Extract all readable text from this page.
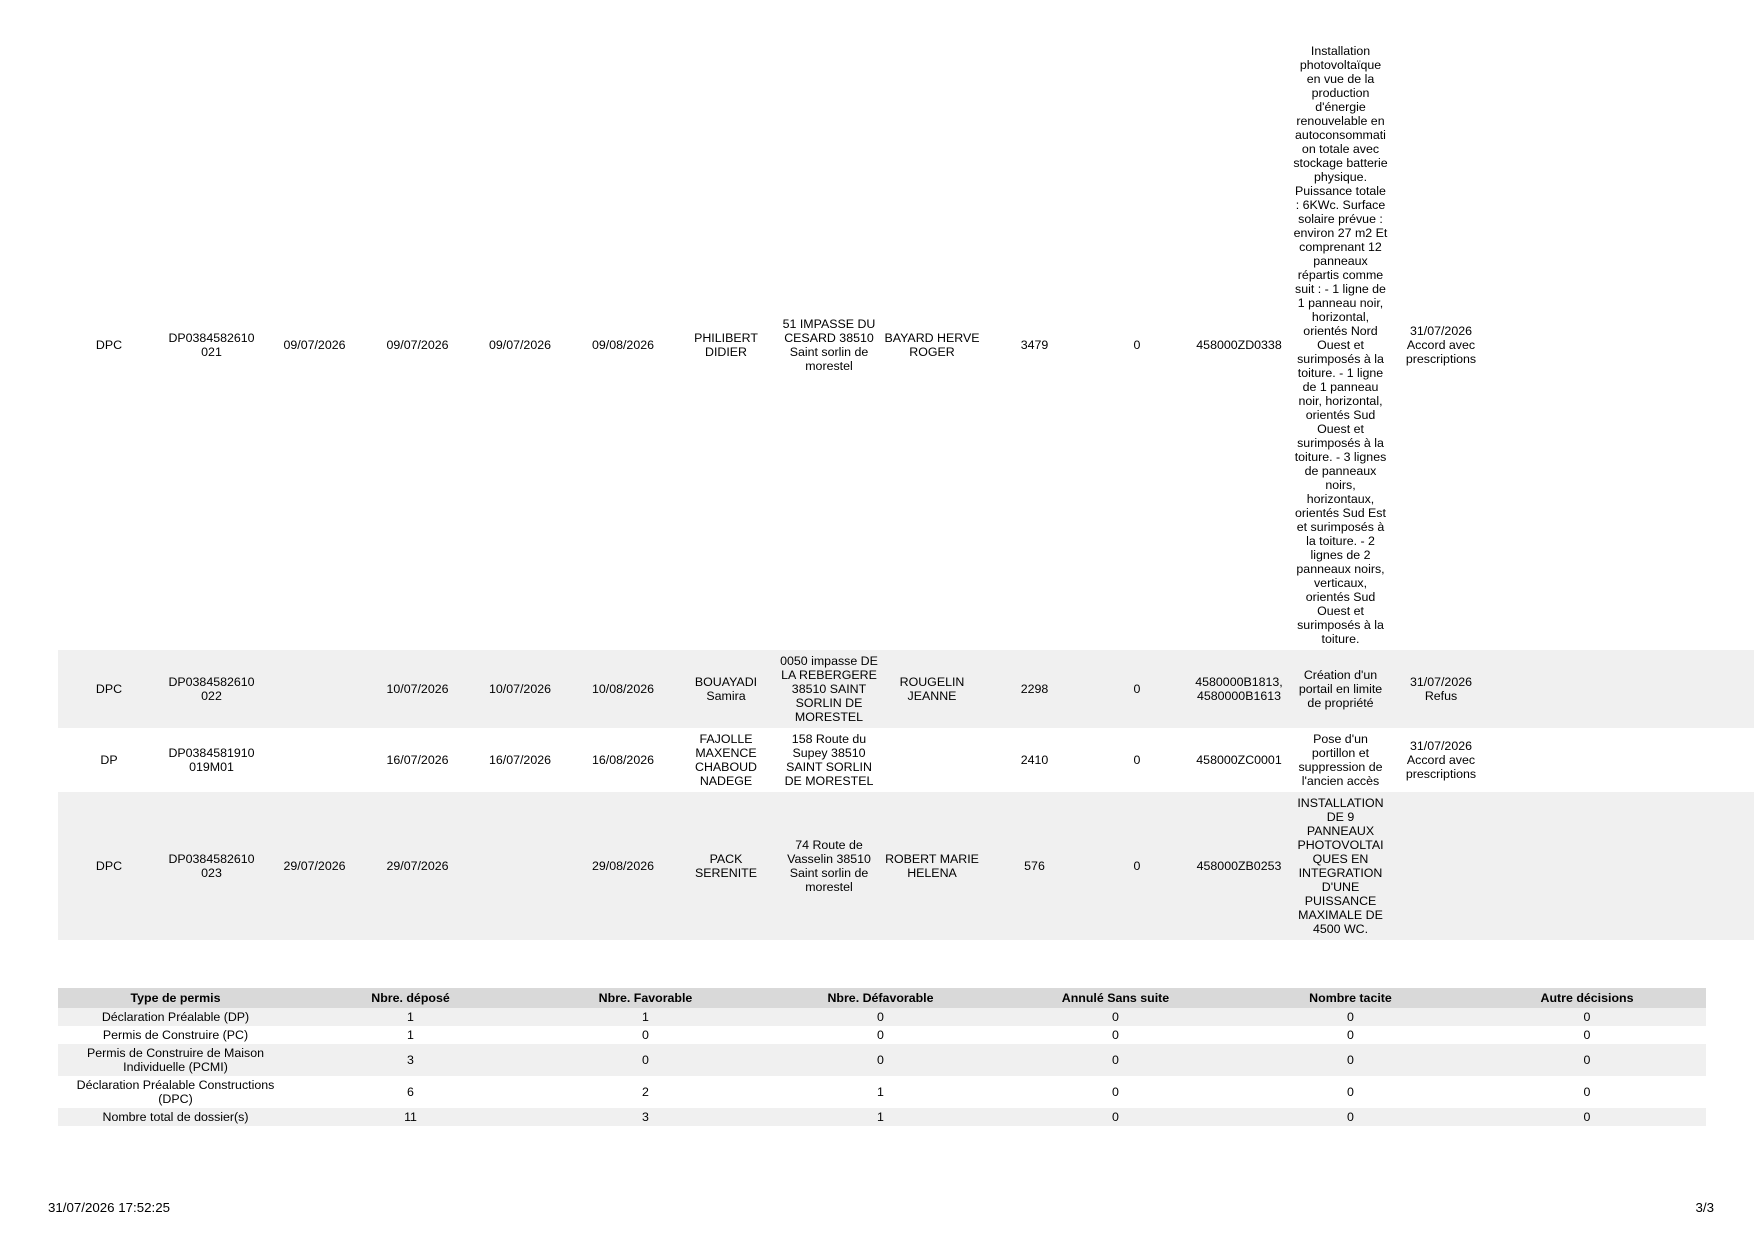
DPC	DP0384582610 021	09/07/2026	09/07/2026	09/07/2026	09/08/2026	PHILIBERT DIDIER	51 IMPASSE DU CESARD 38510 Saint sorlin de morestel	BAYARD HERVE ROGER	3479	0	458000ZD0338	Installation photovoltaïque en vue de la production d'énergie renouvelable en autoconsommati on totale avec stockage batterie physique. Puissance totale : 6KWc. Surface solaire prévue : environ 27 m2 Et comprenant 12 panneaux répartis comme suit : - 1 ligne de 1 panneau noir, horizontal, orientés Nord Ouest et surimposés à la toiture. - 1 ligne de 1 panneau noir, horizontal, orientés Sud Ouest et surimposés à la toiture. - 3 lignes de panneaux noirs, horizontaux, orientés Sud Est et surimposés à la toiture. - 2 lignes de 2 panneaux noirs, verticaux, orientés Sud Ouest et surimposés à la toiture.	31/07/2026 Accord avec prescriptions	
DPC	DP0384582610 022		10/07/2026	10/07/2026	10/08/2026	BOUAYADI Samira	0050 impasse DE LA REBERGERE 38510 SAINT SORLIN DE MORESTEL	ROUGELIN JEANNE	2298	0	4580000B1813, 4580000B1613	Création d'un portail en limite de propriété	31/07/2026 Refus	
DP	DP0384581910 019M01		16/07/2026	16/07/2026	16/08/2026	FAJOLLE MAXENCE CHABOUD NADEGE	158 Route du Supey 38510 SAINT SORLIN DE MORESTEL		2410	0	458000ZC0001	Pose d'un portillon et suppression de l'ancien accès	31/07/2026 Accord avec prescriptions	
DPC	DP0384582610 023	29/07/2026	29/07/2026		29/08/2026	PACK SERENITE	74 Route de Vasselin 38510 Saint sorlin de morestel	ROBERT MARIE HELENA	576	0	458000ZB0253	INSTALLATION DE 9 PANNEAUX PHOTOVOLTAI QUES EN INTEGRATION D'UNE PUISSANCE MAXIMALE DE 4500 WC.		
Type de permis	Nbre. déposé	Nbre. Favorable	Nbre. Défavorable	Annulé Sans suite	Nombre tacite	Autre décisions
Déclaration Préalable (DP)	1	1	0	0	0	0
Permis de Construire (PC)	1	0	0	0	0	0
Permis de Construire de Maison Individuelle (PCMI)	3	0	0	0	0	0
Déclaration Préalable Constructions (DPC)	6	2	1	0	0	0
Nombre total de dossier(s)	11	3	1	0	0	0
31/07/2026 17:52:25	3/3
